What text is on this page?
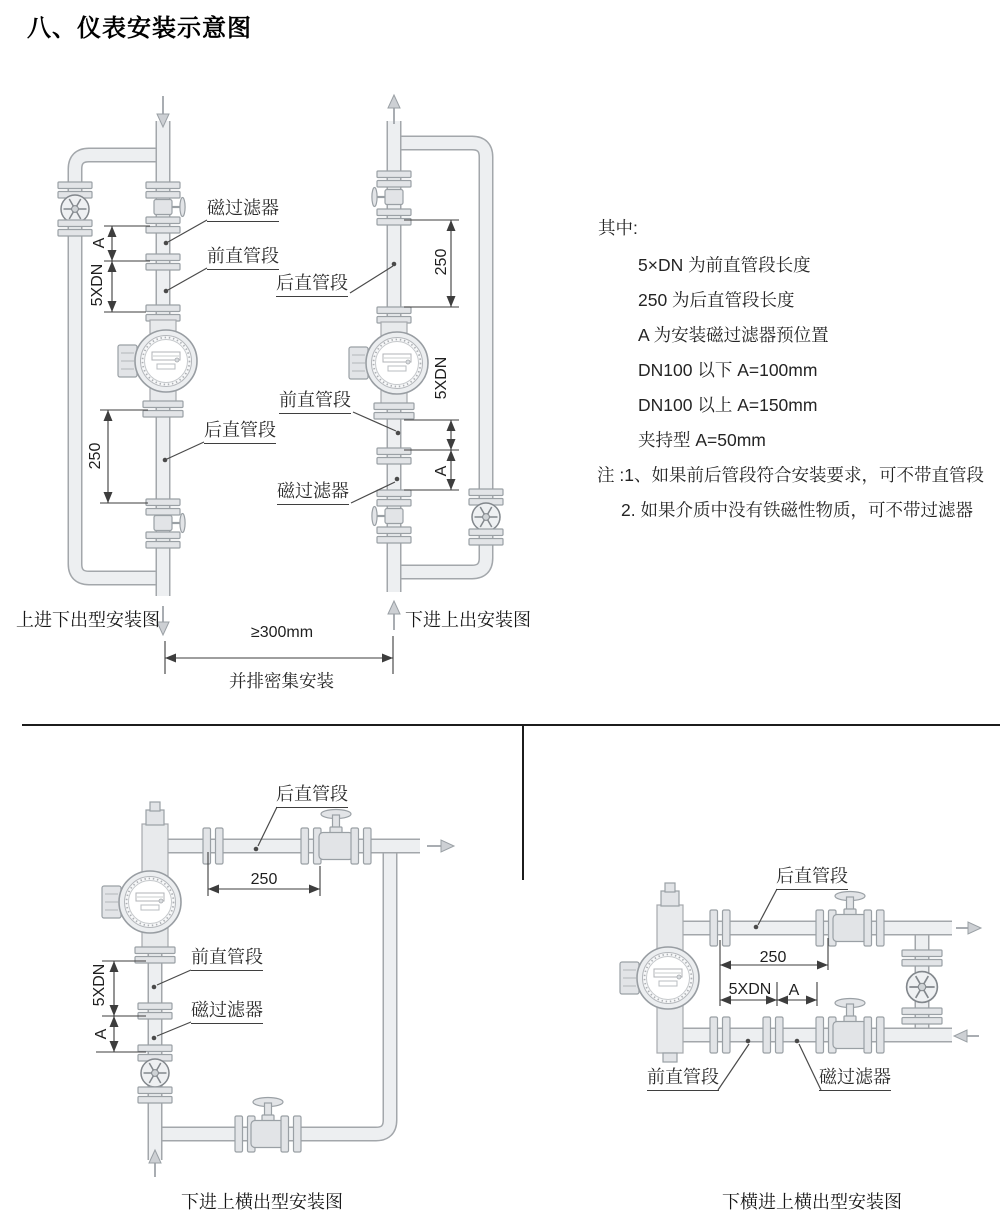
八、仪表安装示意图
磁过滤器
前直管段
后直管段
A
5XDN
250
上进下出型安装图
后直管段
前直管段
磁过滤器
250
5XDN
A
下进上出安装图
≥300mm
并排密集安装
后直管段
250
前直管段
磁过滤器
5XDN
A
下进上横出型安装图
后直管段
250
5XDN A
前直管段	磁过滤器
下横进上横出型安装图
其中:
5×DN 为前直管段长度
250 为后直管段长度
A 为安装磁过滤器预位置
DN100 以下 A=100mm
DN100 以上 A=150mm
夹持型 A=50mm
注 :1、如果前后管段符合安装要求，可不带直管段
2. 如果介质中没有铁磁性物质，可不带过滤器
